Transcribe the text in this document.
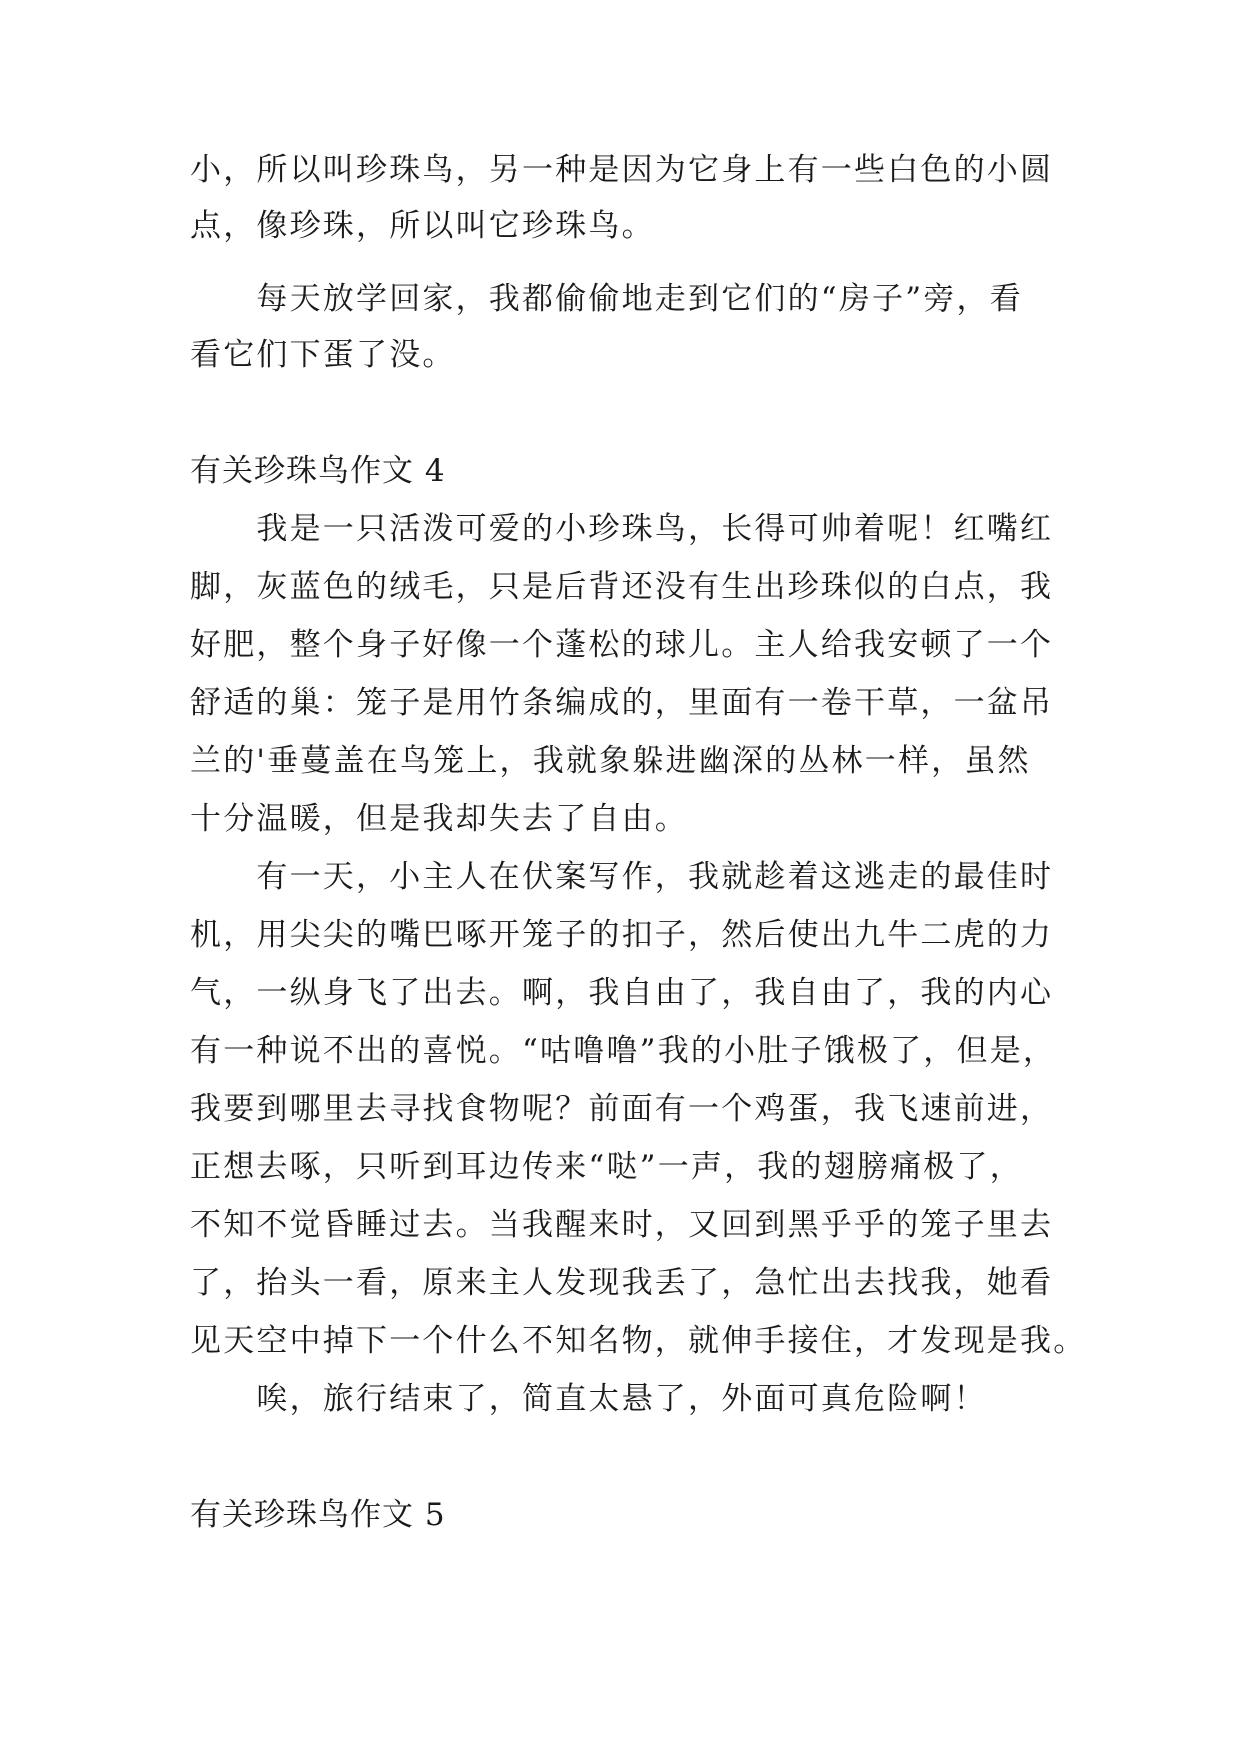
小，所以叫珍珠鸟，另一种是因为它身上有一些白色的小圆
点，像珍珠，所以叫它珍珠鸟。
　　每天放学回家，我都偷偷地走到它们的“房子”旁，看
看它们下蛋了没。
有关珍珠鸟作文 4
　　我是一只活泼可爱的小珍珠鸟，长得可帅着呢！红嘴红
脚，灰蓝色的绒毛，只是后背还没有生出珍珠似的白点，我
好肥，整个身子好像一个蓬松的球儿。主人给我安顿了一个
舒适的巢：笼子是用竹条编成的，里面有一卷干草，一盆吊
兰的'垂蔓盖在鸟笼上，我就象躲进幽深的丛林一样，虽然
十分温暖，但是我却失去了自由。
　　有一天，小主人在伏案写作，我就趁着这逃走的最佳时
机，用尖尖的嘴巴啄开笼子的扣子，然后使出九牛二虎的力
气，一纵身飞了出去。啊，我自由了，我自由了，我的内心
有一种说不出的喜悦。“咕噜噜”我的小肚子饿极了，但是，
我要到哪里去寻找食物呢？前面有一个鸡蛋，我飞速前进，
正想去啄，只听到耳边传来“哒”一声，我的翅膀痛极了，
不知不觉昏睡过去。当我醒来时，又回到黑乎乎的笼子里去
了，抬头一看，原来主人发现我丢了，急忙出去找我，她看
见天空中掉下一个什么不知名物，就伸手接住，才发现是我。
　　唉，旅行结束了，简直太悬了，外面可真危险啊！
有关珍珠鸟作文 5
